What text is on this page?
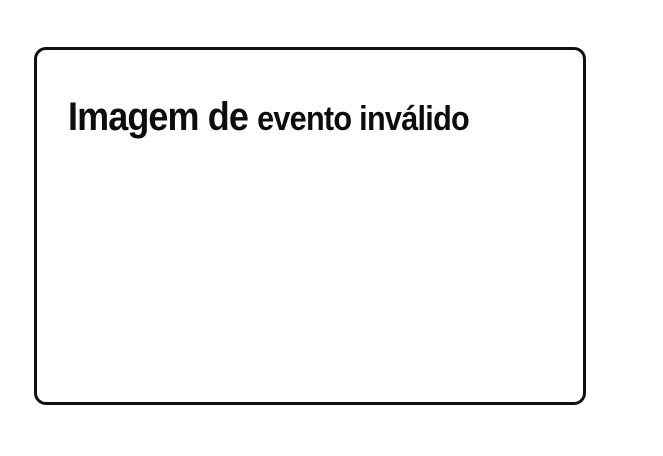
Imagem de evento inválido
